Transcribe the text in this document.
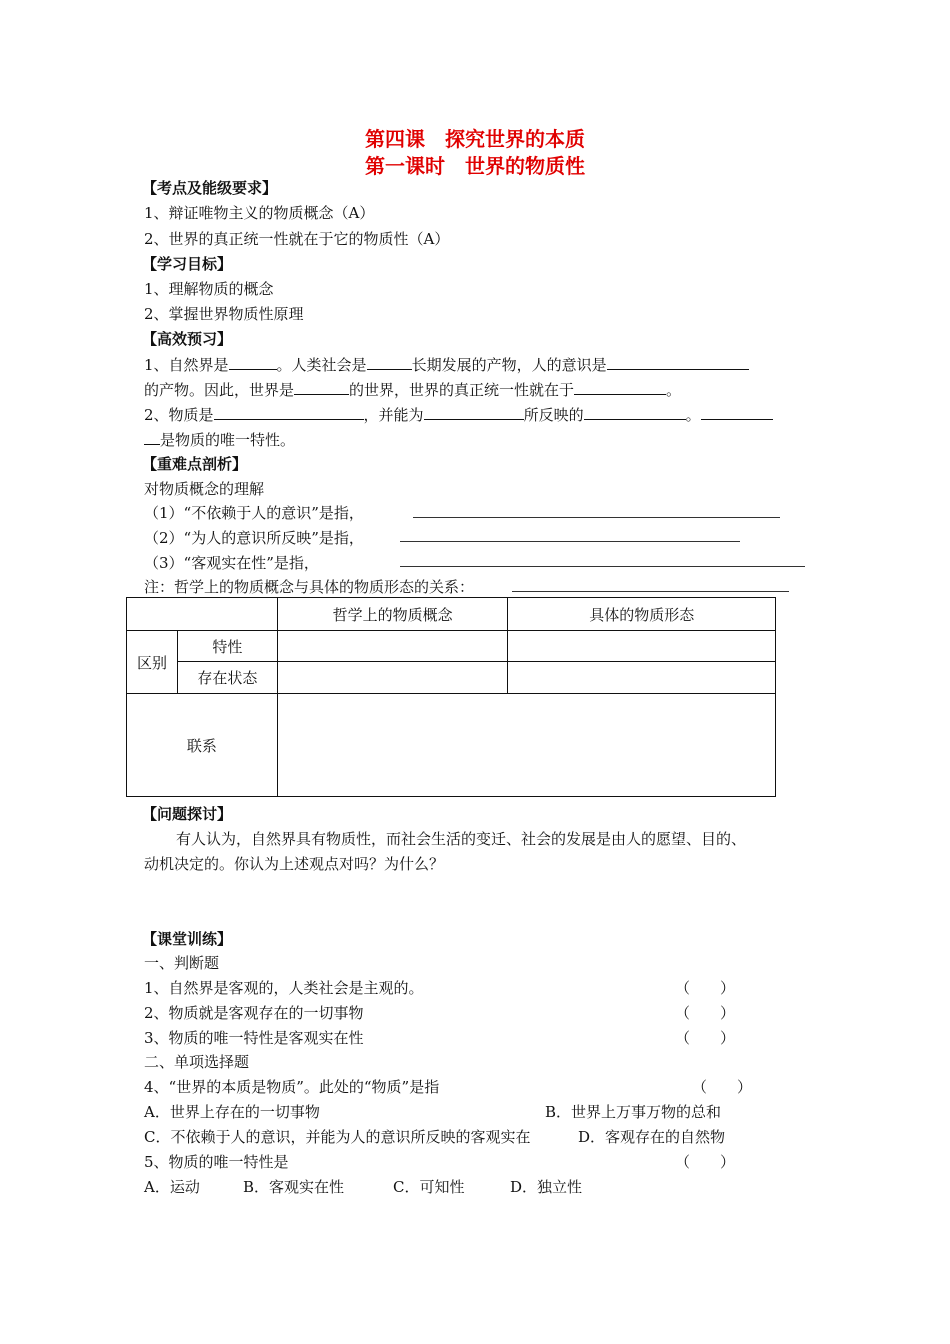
第四课　探究世界的本质
第一课时　世界的物质性
【考点及能级要求】
1、辩证唯物主义的物质概念（A）
2、世界的真正统一性就在于它的物质性（A）
【学习目标】
1、理解物质的概念
2、掌握世界物质性原理
【高效预习】
1、自然界是	。人类社会是	长期发展的产物，人的意识是
的产物。因此，世界是	的世界，世界的真正统一性就在于	。
2、物质是	，并能为	所反映的	。
是物质的唯一特性。
【重难点剖析】
对物质概念的理解
（1）“不依赖于人的意识”是指，
（2）“为人的意识所反映”是指，
（3）“客观实在性”是指，
注：哲学上的物质概念与具体的物质形态的关系：
		哲学上的物质概念	具体的物质形态
区别	特性		
	存在状态		
联系			
【问题探讨】
有人认为，自然界具有物质性，而社会生活的变迁、社会的发展是由人的愿望、目的、
动机决定的。你认为上述观点对吗？为什么？
【课堂训练】
一、判断题
1、自然界是客观的，人类社会是主观的。	（　　）
2、物质就是客观存在的一切事物	（　　）
3、物质的唯一特性是客观实在性	（　　）
二、单项选择题
4、“世界的本质是物质”。此处的“物质”是指	（　　）
A．世界上存在的一切事物	B．世界上万事万物的总和
C．不依赖于人的意识，并能为人的意识所反映的客观实在	D．客观存在的自然物
5、物质的唯一特性是	（　　）
A．运动	B．客观实在性	C．可知性	D．独立性
